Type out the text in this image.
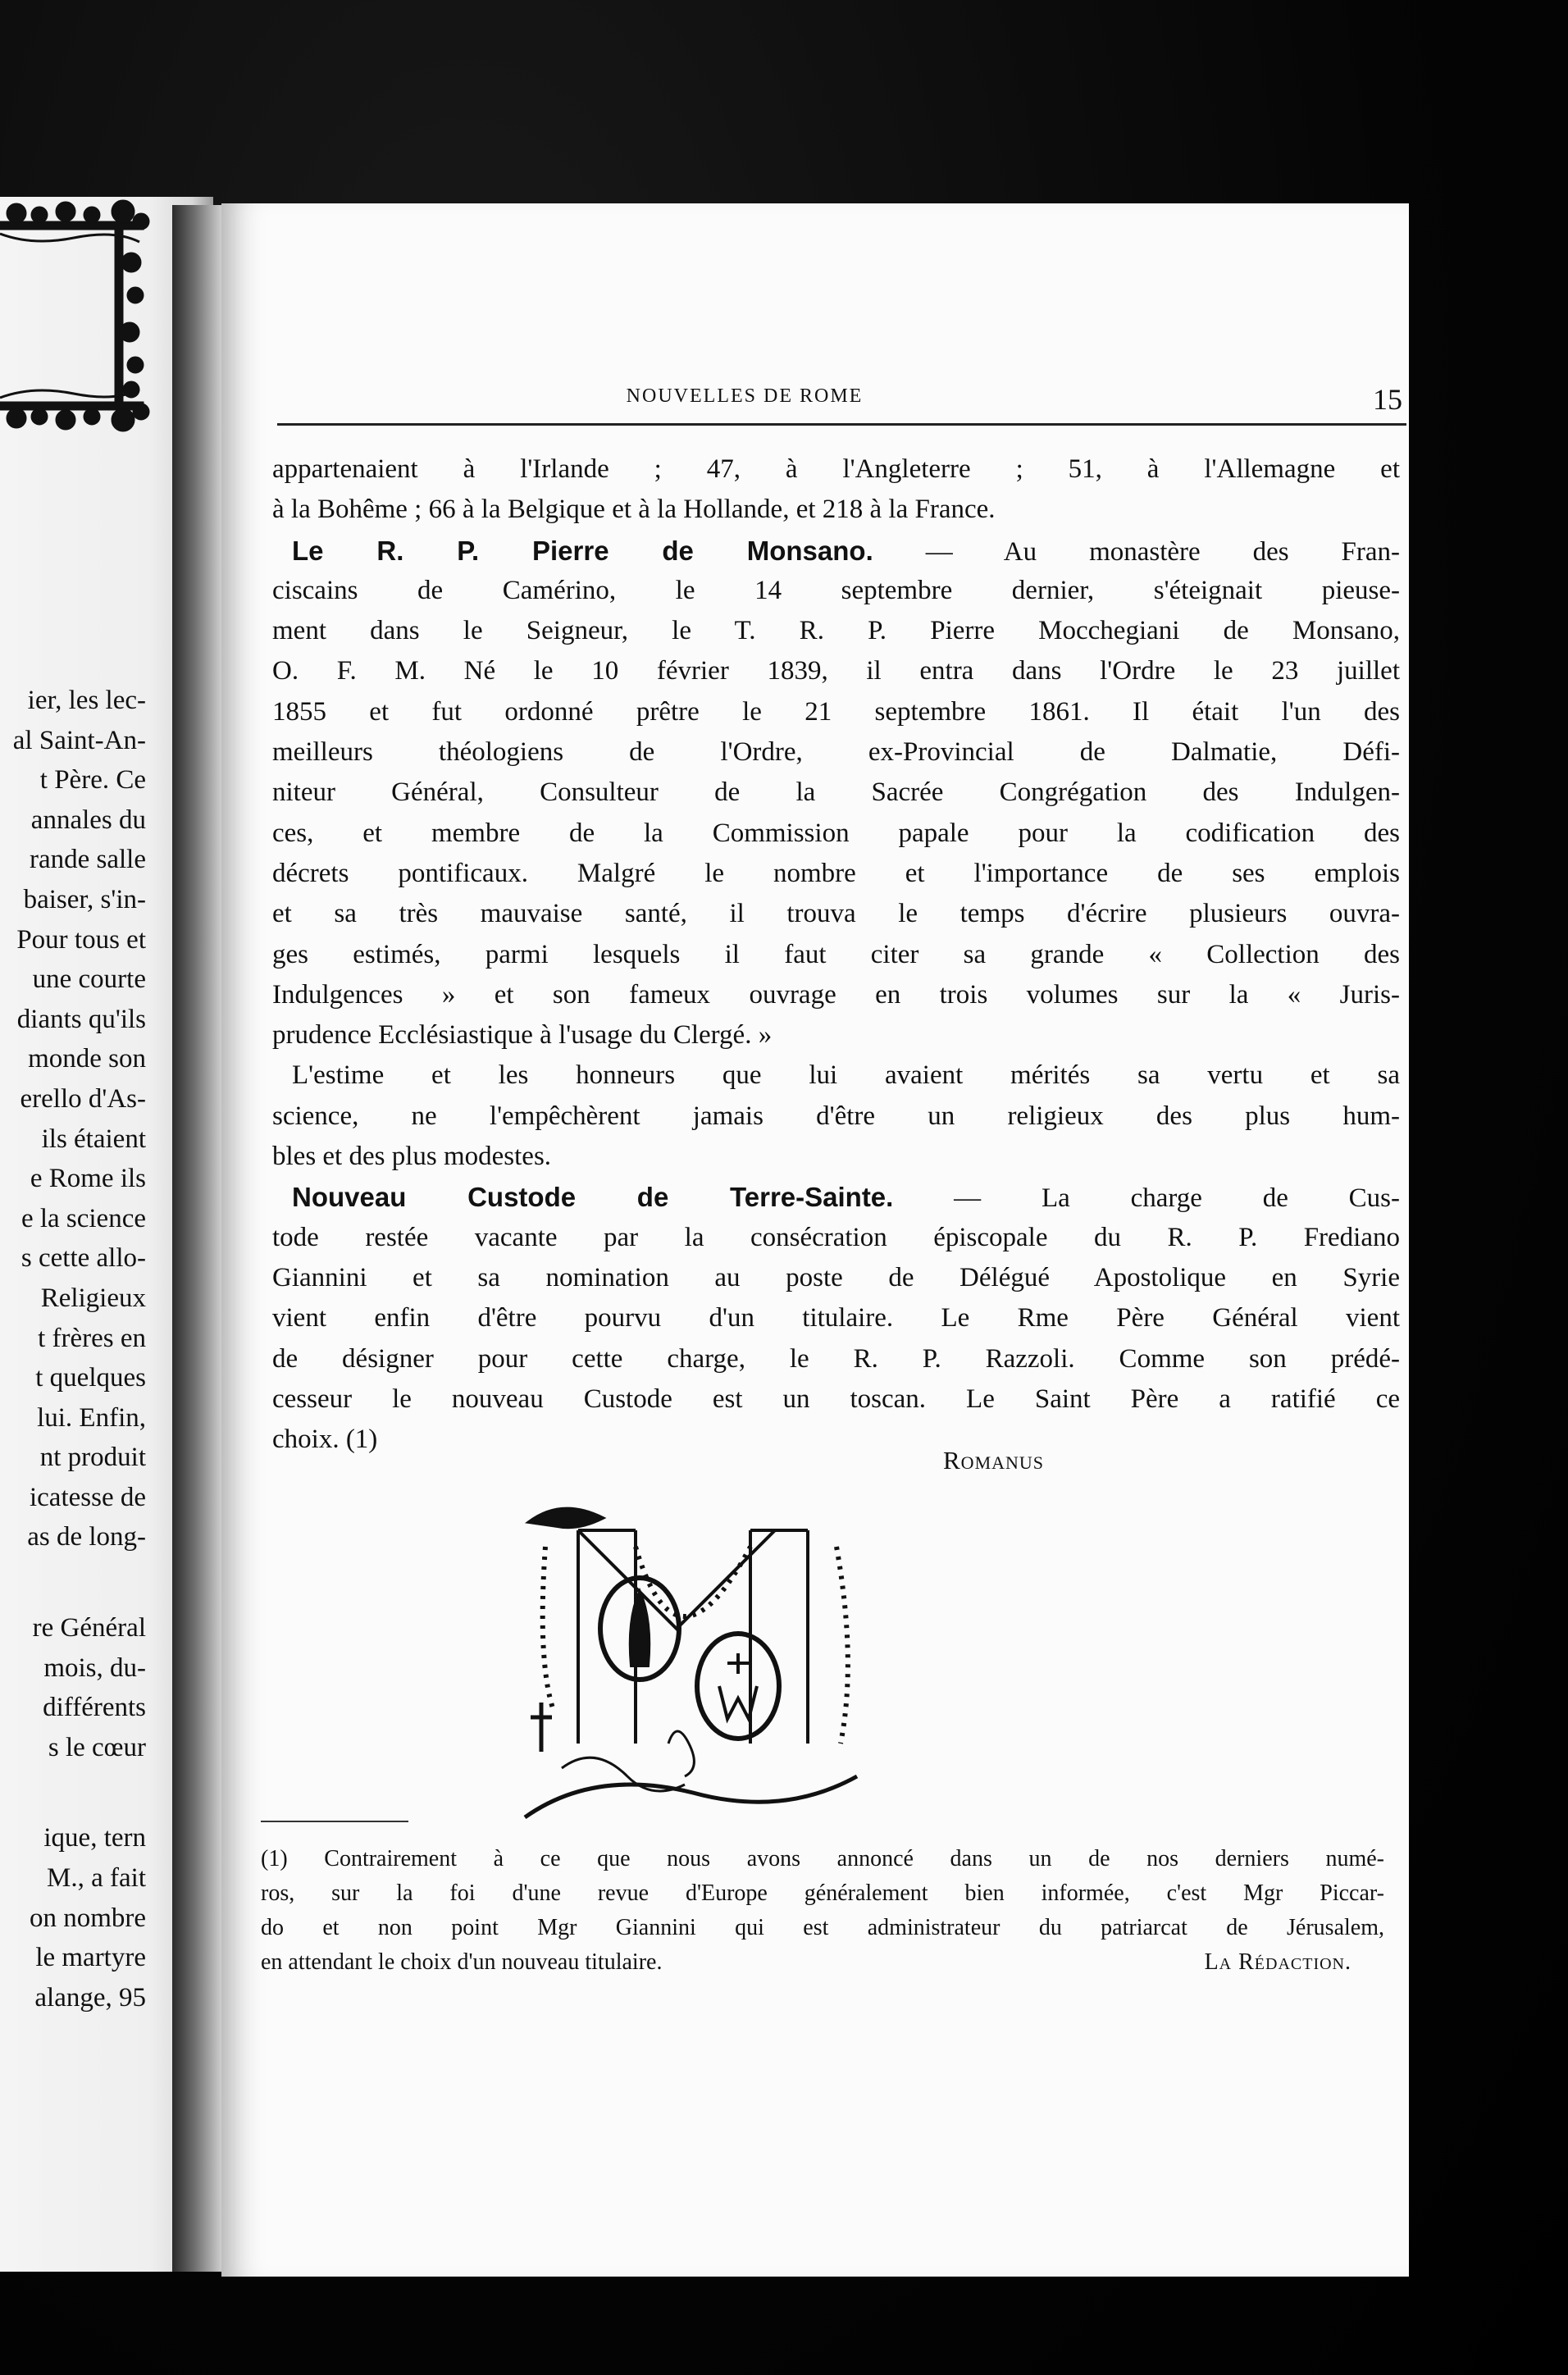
ier, les lec-
al Saint-An-
t Père. Ce
annales du
rande salle
baiser, s'in-
Pour tous et
une courte
diants qu'ils
monde son
erello d'As-
ils étaient
e Rome ils
e la science
s cette allo-
Religieux
t frères en
t quelques
lui. Enfin,
nt produit
icatesse de
as de long-
re Général
mois, du-
différents
s le cœur
ique, tern
M., a fait
on nombre
le martyre
alange, 95
NOUVELLES DE ROME	15
appartenaient à l'Irlande ; 47, à l'Angleterre ; 51, à l'Allemagne et
à la Bohême ; 66 à la Belgique et à la Hollande, et 218 à la France.
Le R. P. Pierre de Monsano. — Au monastère des Fran-
ciscains de Camérino, le 14 septembre dernier, s'éteignait pieuse-
ment dans le Seigneur, le T. R. P. Pierre Mocchegiani de Monsano,
O. F. M. Né le 10 février 1839, il entra dans l'Ordre le 23 juillet
1855 et fut ordonné prêtre le 21 septembre 1861. Il était l'un des
meilleurs théologiens de l'Ordre, ex-Provincial de Dalmatie, Défi-
niteur Général, Consulteur de la Sacrée Congrégation des Indulgen-
ces, et membre de la Commission papale pour la codification des
décrets pontificaux. Malgré le nombre et l'importance de ses emplois
et sa très mauvaise santé, il trouva le temps d'écrire plusieurs ouvra-
ges estimés, parmi lesquels il faut citer sa grande « Collection des
Indulgences » et son fameux ouvrage en trois volumes sur la « Juris-
prudence Ecclésiastique à l'usage du Clergé. »
L'estime et les honneurs que lui avaient mérités sa vertu et sa
science, ne l'empêchèrent jamais d'être un religieux des plus hum-
bles et des plus modestes.
Nouveau Custode de Terre-Sainte. — La charge de Cus-
tode restée vacante par la consécration épiscopale du R. P. Frediano
Giannini et sa nomination au poste de Délégué Apostolique en Syrie
vient enfin d'être pourvu d'un titulaire. Le Rme Père Général vient
de désigner pour cette charge, le R. P. Razzoli. Comme son prédé-
cesseur le nouveau Custode est un toscan. Le Saint Père a ratifié ce
choix. (1)
Romanus
(1) Contrairement à ce que nous avons annoncé dans un de nos derniers numé-
ros, sur la foi d'une revue d'Europe généralement bien informée, c'est Mgr Piccar-
do et non point Mgr Giannini qui est administrateur du patriarcat de Jérusalem,
en attendant le choix d'un nouveau titulaire.	La Rédaction.
